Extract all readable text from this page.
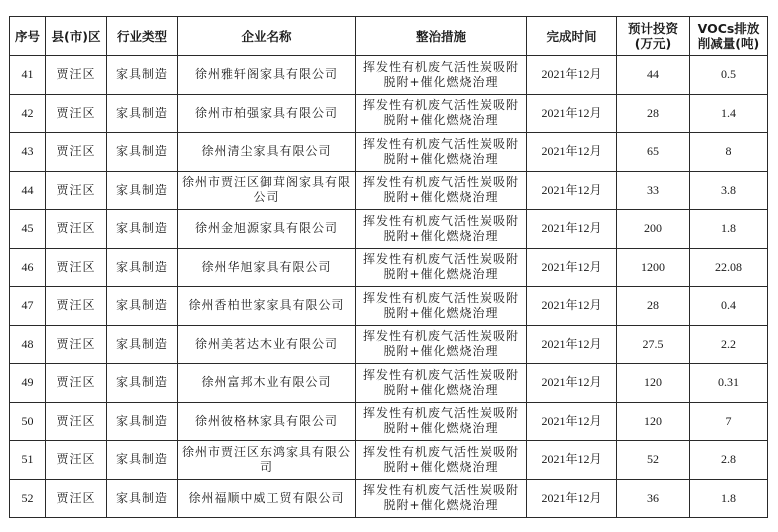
序号	县(市)区	行业类型	企业名称	整治措施	完成时间	预计投资(万元)	VOCs排放削减量(吨)
41	贾汪区	家具制造	徐州雅轩阁家具有限公司	挥发性有机废气活性炭吸附脱附+催化燃烧治理	2021年12月	44	0.5
42	贾汪区	家具制造	徐州市柏强家具有限公司	挥发性有机废气活性炭吸附脱附+催化燃烧治理	2021年12月	28	1.4
43	贾汪区	家具制造	徐州清尘家具有限公司	挥发性有机废气活性炭吸附脱附+催化燃烧治理	2021年12月	65	8
44	贾汪区	家具制造	徐州市贾汪区御茸阁家具有限公司	挥发性有机废气活性炭吸附脱附+催化燃烧治理	2021年12月	33	3.8
45	贾汪区	家具制造	徐州金旭源家具有限公司	挥发性有机废气活性炭吸附脱附+催化燃烧治理	2021年12月	200	1.8
46	贾汪区	家具制造	徐州华旭家具有限公司	挥发性有机废气活性炭吸附脱附+催化燃烧治理	2021年12月	1200	22.08
47	贾汪区	家具制造	徐州香柏世家家具有限公司	挥发性有机废气活性炭吸附脱附+催化燃烧治理	2021年12月	28	0.4
48	贾汪区	家具制造	徐州美茗达木业有限公司	挥发性有机废气活性炭吸附脱附+催化燃烧治理	2021年12月	27.5	2.2
49	贾汪区	家具制造	徐州富邦木业有限公司	挥发性有机废气活性炭吸附脱附+催化燃烧治理	2021年12月	120	0.31
50	贾汪区	家具制造	徐州彼格林家具有限公司	挥发性有机废气活性炭吸附脱附+催化燃烧治理	2021年12月	120	7
51	贾汪区	家具制造	徐州市贾汪区东鸿家具有限公司	挥发性有机废气活性炭吸附脱附+催化燃烧治理	2021年12月	52	2.8
52	贾汪区	家具制造	徐州福顺中威工贸有限公司	挥发性有机废气活性炭吸附脱附+催化燃烧治理	2021年12月	36	1.8
